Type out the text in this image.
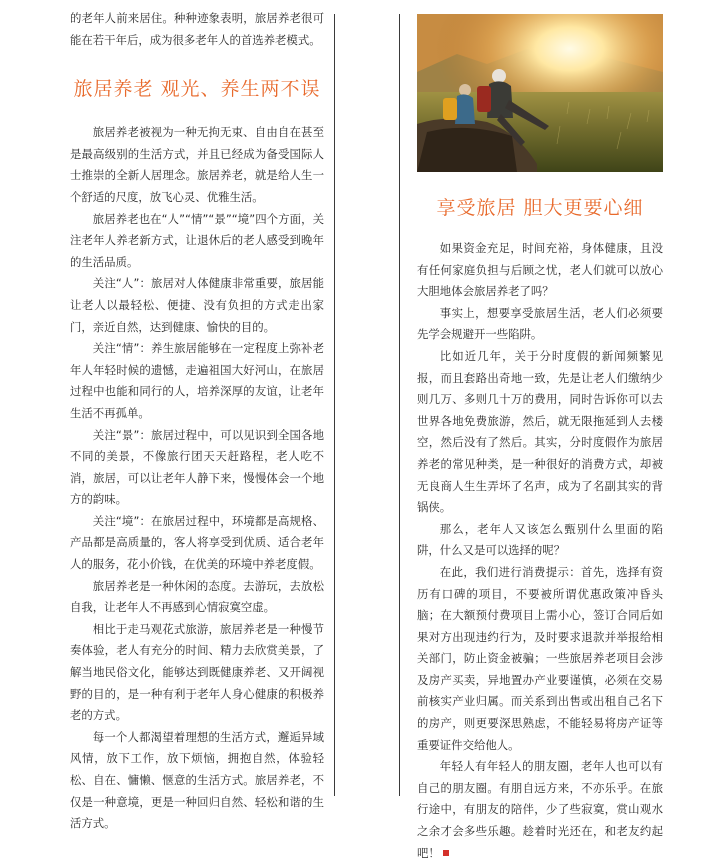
的老年人前来居住。种种迹象表明，旅居养老很可能在若干年后，成为很多老年人的首选养老模式。

旅居养老 观光、养生两不误

旅居养老被视为一种无拘无束、自由自在甚至是最高级别的生活方式，并且已经成为备受国际人士推崇的全新人居理念。旅居养老，就是给人生一个舒适的尺度，放飞心灵、优雅生活。

旅居养老也在“人”“情”“景”“境”四个方面，关注老年人养老新方式，让退休后的老人感受到晚年的生活品质。

关注“人”：旅居对人体健康非常重要，旅居能让老人以最轻松、便捷、没有负担的方式走出家门，亲近自然，达到健康、愉快的目的。

关注“情”：养生旅居能够在一定程度上弥补老年人年轻时候的遗憾，走遍祖国大好河山，在旅居过程中也能和同行的人，培养深厚的友谊，让老年生活不再孤单。

关注“景”：旅居过程中，可以见识到全国各地不同的美景，不像旅行团天天赶路程，老人吃不消，旅居，可以让老年人静下来，慢慢体会一个地方的韵味。

关注“境”：在旅居过程中，环境都是高规格、产品都是高质量的，客人将享受到优质、适合老年人的服务，花小价钱，在优美的环境中养老度假。

旅居养老是一种休闲的态度。去游玩，去放松自我，让老年人不再感到心情寂寞空虚。

相比于走马观花式旅游，旅居养老是一种慢节奏体验，老人有充分的时间、精力去欣赏美景，了解当地民俗文化，能够达到既健康养老、又开阔视野的目的，是一种有利于老年人身心健康的积极养老的方式。

每一个人都渴望着理想的生活方式，邂逅异域风情，放下工作，放下烦恼，拥抱自然，体验轻松、自在、慵懒、惬意的生活方式。旅居养老，不仅是一种意境，更是一种回归自然、轻松和谐的生活方式。

享受旅居 胆大更要心细

如果资金充足，时间充裕，身体健康，且没有任何家庭负担与后顾之忧，老人们就可以放心大胆地体会旅居养老了吗？

事实上，想要享受旅居生活，老人们必须要先学会规避开一些陷阱。

比如近几年，关于分时度假的新闻频繁见报，而且套路出奇地一致，先是让老人们缴纳少则几万、多则几十万的费用，同时告诉你可以去世界各地免费旅游，然后，就无限拖延到人去楼空，然后没有了然后。其实，分时度假作为旅居养老的常见种类，是一种很好的消费方式，却被无良商人生生弄坏了名声，成为了名副其实的背锅侠。

那么，老年人又该怎么甄别什么里面的陷阱，什么又是可以选择的呢？

在此，我们进行消费提示：首先，选择有资历有口碑的项目，不要被所谓优惠政策冲昏头脑；在大额预付费项目上需小心，签订合同后如果对方出现违约行为，及时要求退款并举报给相关部门，防止资金被骗；一些旅居养老项目会涉及房产买卖，异地置办产业要谨慎，必须在交易前核实产业归属。而关系到出售或出租自己名下的房产，则更要深思熟虑，不能轻易将房产证等重要证件交给他人。

年轻人有年轻人的朋友圈，老年人也可以有自己的朋友圈。有朋自远方来，不亦乐乎。在旅行途中，有朋友的陪伴，少了些寂寞，赏山观水之余才会多些乐趣。趁着时光还在，和老友约起吧！
